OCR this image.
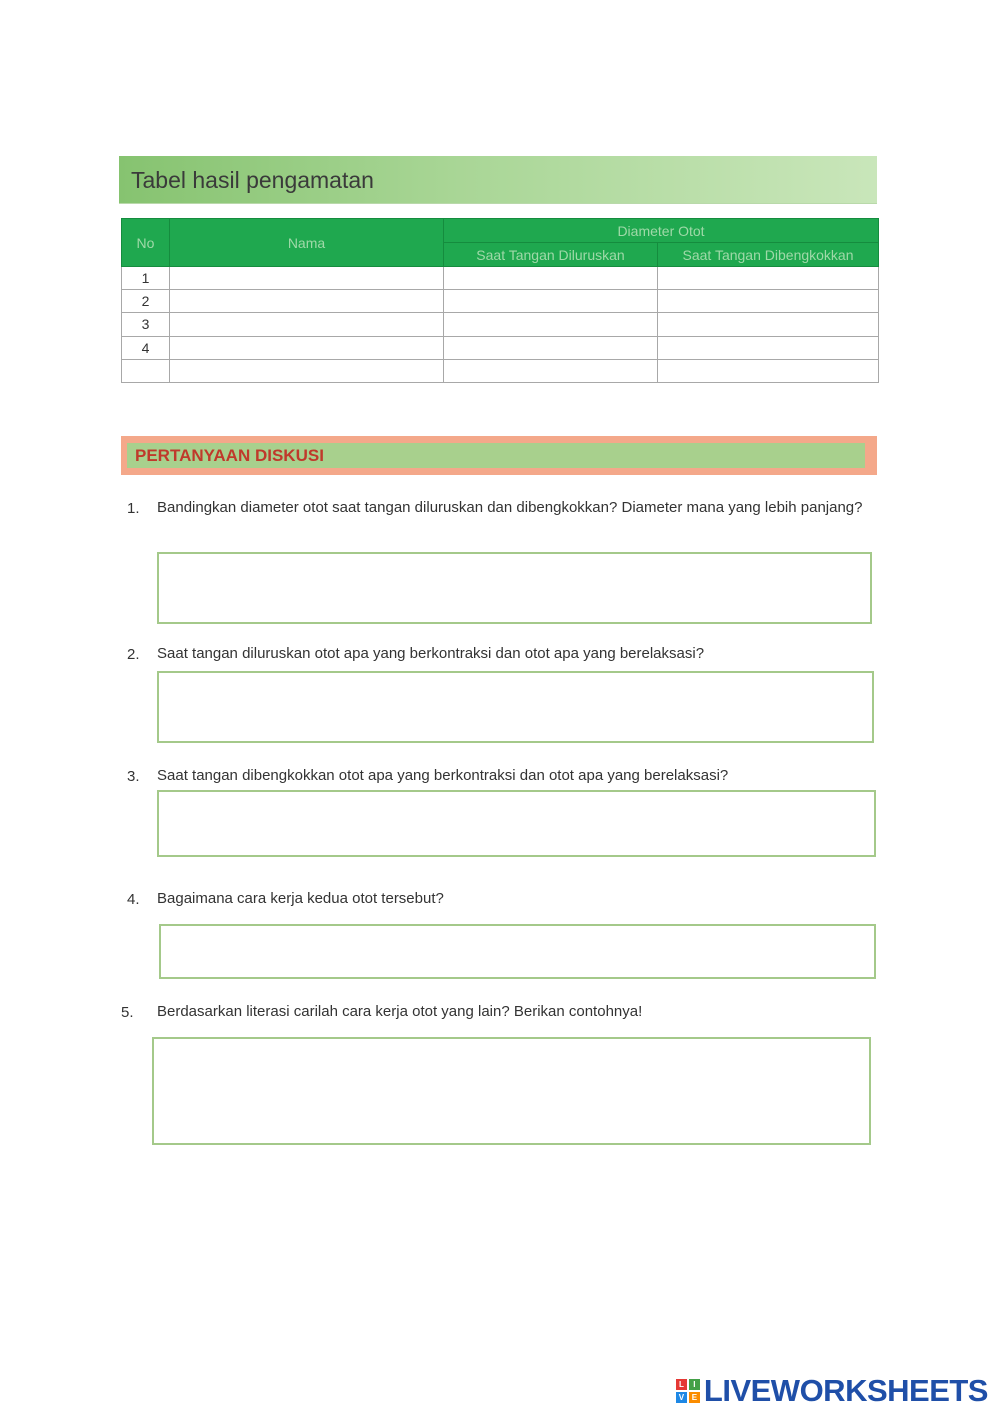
Tabel hasil pengamatan
No	Nama	Diameter Otot	
		Saat Tangan Diluruskan	Saat Tangan Dibengkokkan
1			
2			
3			
4			

PERTANYAAN DISKUSI
1. Bandingkan diameter otot saat tangan diluruskan dan dibengkokkan? Diameter mana yang lebih panjang?
2. Saat tangan diluruskan otot apa yang berkontraksi dan otot apa yang berelaksasi?
3. Saat tangan dibengkokkan otot apa yang berkontraksi dan otot apa yang berelaksasi?
4. Bagaimana cara kerja kedua otot tersebut?
5. Berdasarkan literasi carilah cara kerja otot yang lain? Berikan contohnya!
L	I
V E LIVEWORKSHEETS
